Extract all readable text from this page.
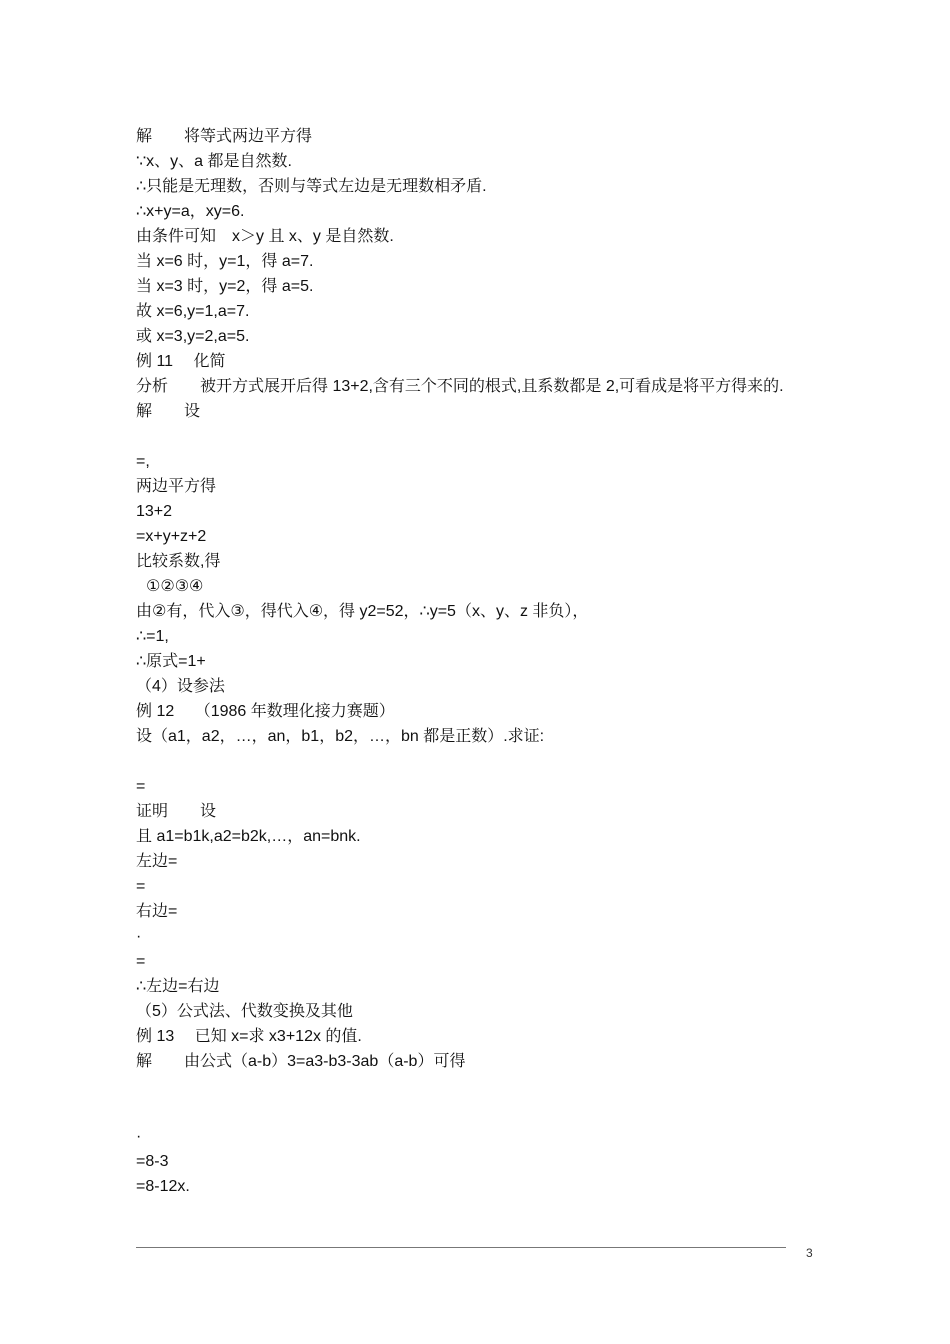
解　　将等式两边平方得
∵x、y、a 都是自然数.
∴只能是无理数，否则与等式左边是无理数相矛盾.
∴x+y=a，xy=6.
由条件可知　x＞y 且 x、y 是自然数.
当 x=6 时，y=1，得 a=7.
当 x=3 时，y=2，得 a=5.
故 x=6,y=1,a=7.
或 x=3,y=2,a=5.
例 11　 化简
分析　　被开方式展开后得 13+2,含有三个不同的根式,且系数都是 2,可看成是将平方得来的.
解　　设
=,
两边平方得
13+2
=x+y+z+2
比较系数,得
①②③④
由②有，代入③，得代入④，得 y2=52，∴y=5（x、y、z 非负），
∴=1,
∴原式=1+
（4）设参法
例 12　 （1986 年数理化接力赛题）
设（a1，a2，…，an，b1，b2，…，bn 都是正数）.求证:
=
证明　　设
且 a1=b1k,a2=b2k,…，an=bnk.
左边=
=
右边=
·
=
∴左边=右边
（5）公式法、代数变换及其他
例 13　 已知 x=求 x3+12x 的值.
解　　由公式（a-b）3=a3-b3-3ab（a-b）可得
·
=8-3
=8-12x.
3
